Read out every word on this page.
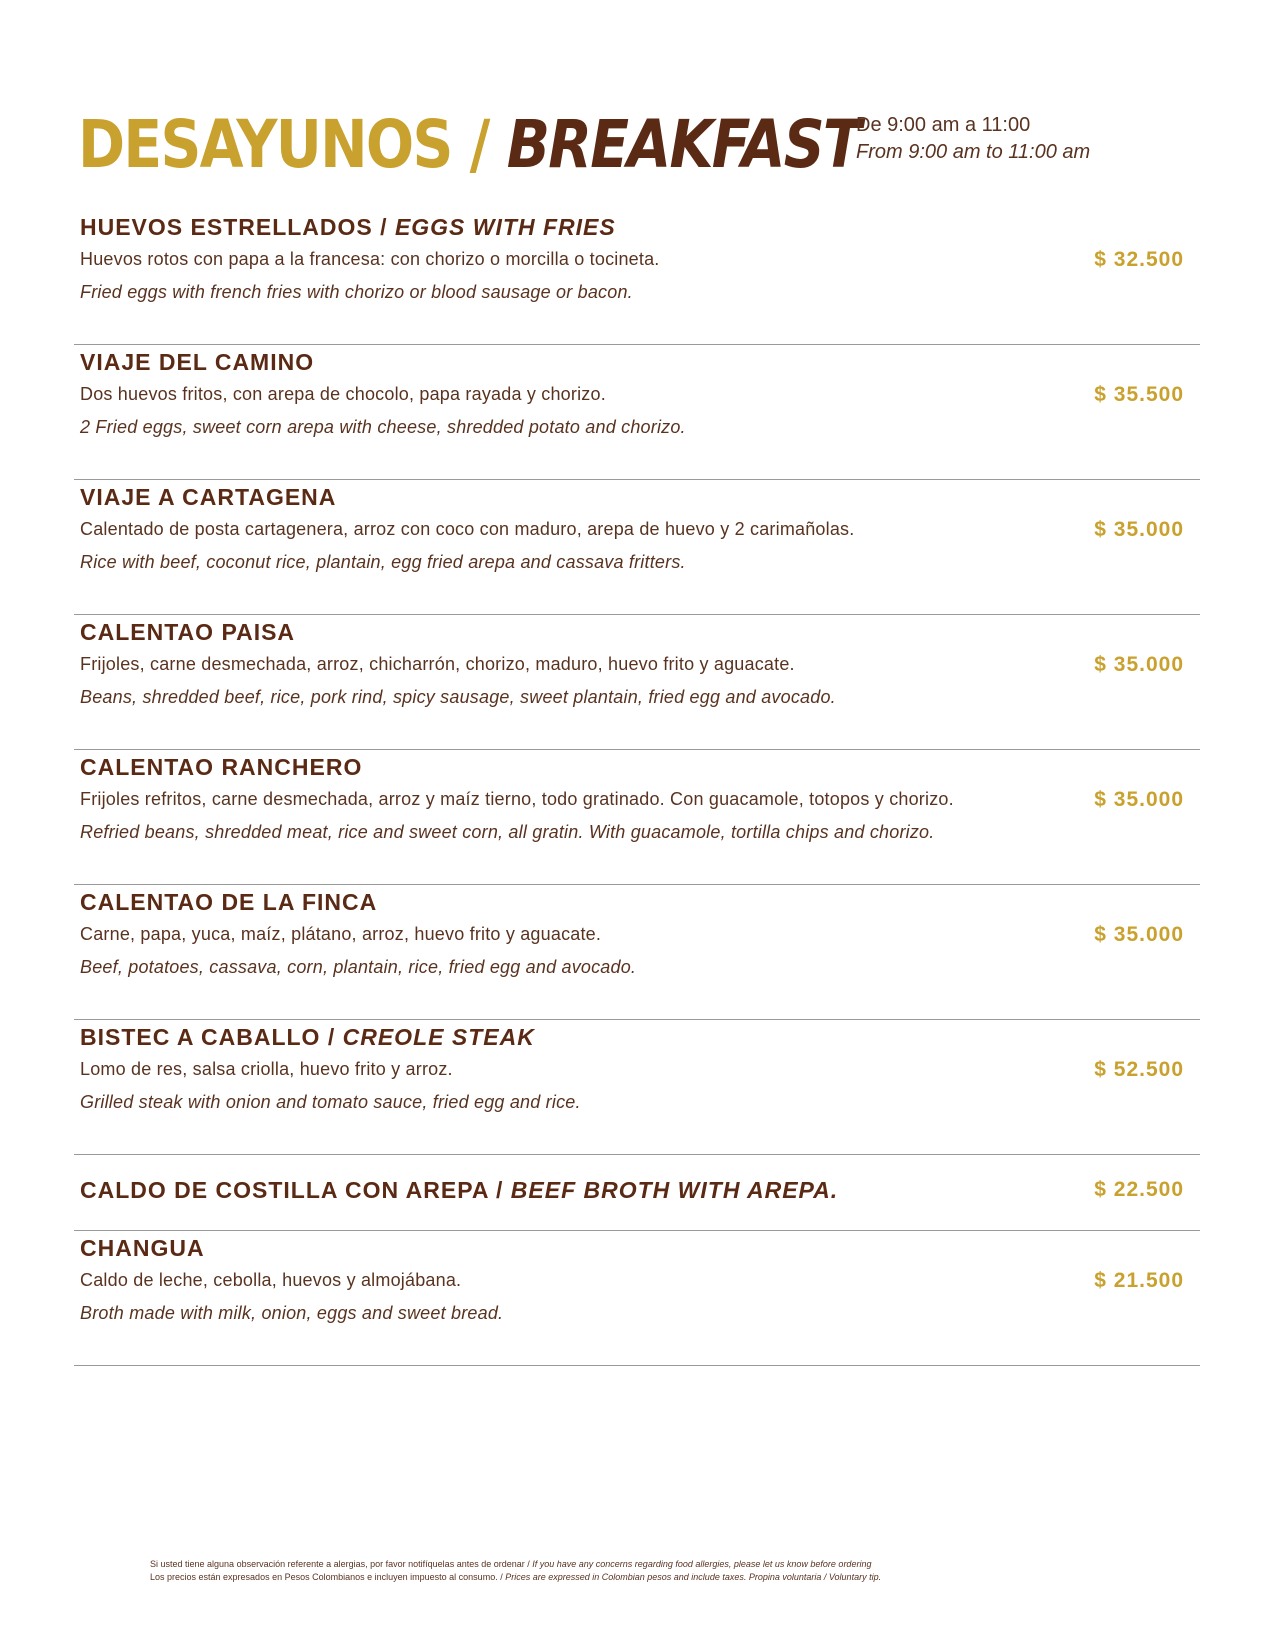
DESAYUNOS / BREAKFAST
De 9:00 am a 11:00
From 9:00 am to 11:00 am
HUEVOS ESTRELLADOS / EGGS WITH FRIES
Huevos rotos con papa a la francesa: con chorizo o morcilla o tocineta.
Fried eggs with french fries with chorizo or blood sausage or bacon.
$ 32.500
VIAJE DEL CAMINO
Dos huevos fritos, con arepa de chocolo, papa rayada y chorizo.
2 Fried eggs, sweet corn arepa with cheese, shredded potato and chorizo.
$ 35.500
VIAJE A CARTAGENA
Calentado de posta cartagenera, arroz con coco con maduro, arepa de huevo y 2 carimañolas.
Rice with beef, coconut rice, plantain, egg fried arepa and cassava fritters.
$ 35.000
CALENTAO PAISA
Frijoles, carne desmechada, arroz, chicharrón, chorizo, maduro, huevo frito y aguacate.
Beans, shredded beef, rice, pork rind, spicy sausage, sweet plantain, fried egg and avocado.
$ 35.000
CALENTAO RANCHERO
Frijoles refritos, carne desmechada, arroz y maíz tierno, todo gratinado. Con guacamole, totopos y chorizo.
Refried beans, shredded meat, rice and sweet corn, all gratin. With guacamole, tortilla chips and chorizo.
$ 35.000
CALENTAO DE LA FINCA
Carne, papa, yuca, maíz, plátano, arroz, huevo frito y aguacate.
Beef, potatoes, cassava, corn, plantain, rice, fried egg and avocado.
$ 35.000
BISTEC A CABALLO / CREOLE STEAK
Lomo de res, salsa criolla, huevo frito y arroz.
Grilled steak with onion and tomato sauce, fried egg and rice.
$ 52.500
CALDO DE COSTILLA CON AREPA / BEEF BROTH WITH AREPA.	$ 22.500
CHANGUA
Caldo de leche, cebolla, huevos y almojábana.
Broth made with milk, onion, eggs and sweet bread.
$ 21.500
Si usted tiene alguna observación referente a alergias, por favor notifíquelas antes de ordenar / If you have any concerns regarding food allergies, please let us know before ordering
Los precios están expresados en Pesos Colombianos e incluyen impuesto al consumo. / Prices are expressed in Colombian pesos and include taxes. Propina voluntaria / Voluntary tip.
